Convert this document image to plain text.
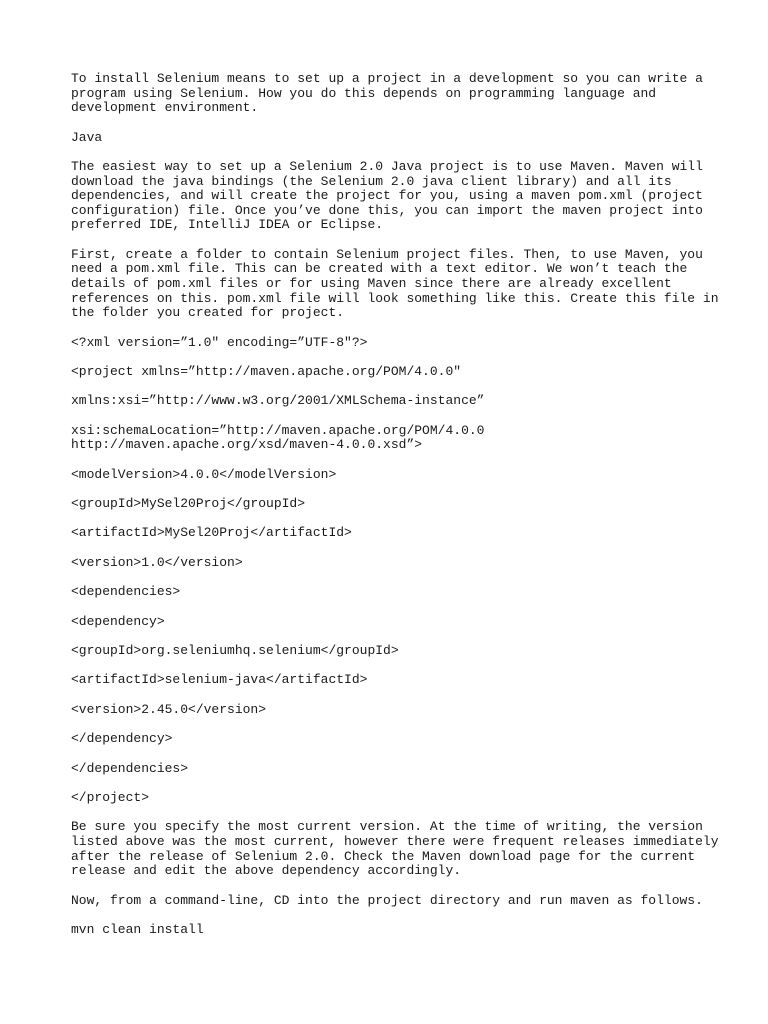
To install Selenium means to set up a project in a development so you can write a
program using Selenium. How you do this depends on programming language and
development environment.

Java

The easiest way to set up a Selenium 2.0 Java project is to use Maven. Maven will
download the java bindings (the Selenium 2.0 java client library) and all its
dependencies, and will create the project for you, using a maven pom.xml (project
configuration) file. Once you’ve done this, you can import the maven project into
preferred IDE, IntelliJ IDEA or Eclipse.

First, create a folder to contain Selenium project files. Then, to use Maven, you
need a pom.xml file. This can be created with a text editor. We won’t teach the
details of pom.xml files or for using Maven since there are already excellent
references on this. pom.xml file will look something like this. Create this file in
the folder you created for project.

<?xml version=”1.0" encoding=”UTF-8"?>

<project xmlns=”http://maven.apache.org/POM/4.0.0"

xmlns:xsi=”http://www.w3.org/2001/XMLSchema-instance”

xsi:schemaLocation=”http://maven.apache.org/POM/4.0.0
http://maven.apache.org/xsd/maven-4.0.0.xsd”>

<modelVersion>4.0.0</modelVersion>

<groupId>MySel20Proj</groupId>

<artifactId>MySel20Proj</artifactId>

<version>1.0</version>

<dependencies>

<dependency>

<groupId>org.seleniumhq.selenium</groupId>

<artifactId>selenium-java</artifactId>

<version>2.45.0</version>

</dependency>

</dependencies>

</project>

Be sure you specify the most current version. At the time of writing, the version
listed above was the most current, however there were frequent releases immediately
after the release of Selenium 2.0. Check the Maven download page for the current
release and edit the above dependency accordingly.

Now, from a command-line, CD into the project directory and run maven as follows.

mvn clean install
